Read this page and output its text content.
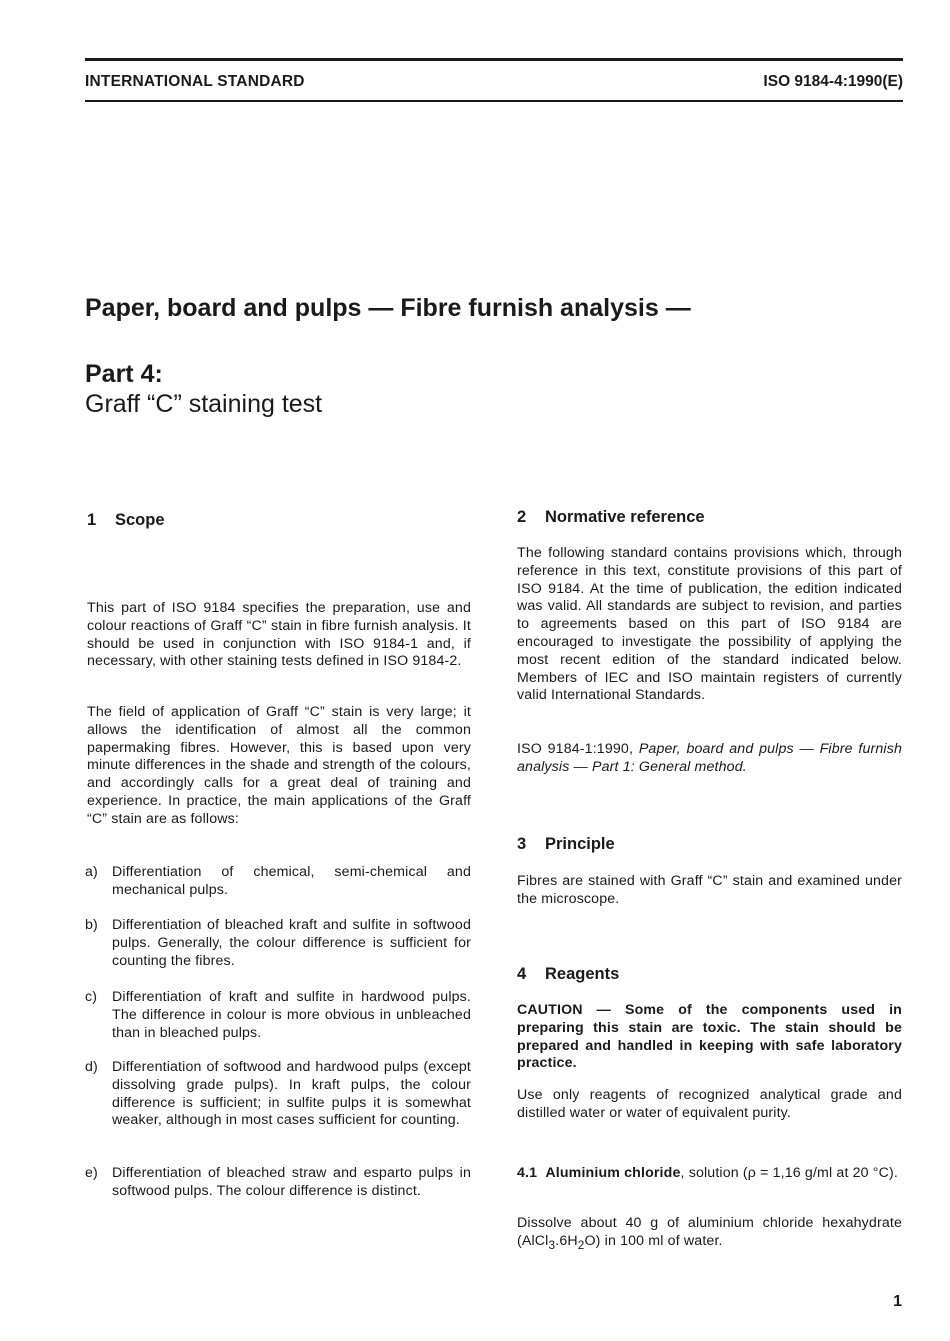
INTERNATIONAL STANDARD	ISO 9184-4:1990(E)
Paper, board and pulps — Fibre furnish analysis —
Part 4:
Graff “C” staining test
1 Scope
This part of ISO 9184 specifies the preparation, use and colour reactions of Graff “C” stain in fibre furnish analysis. It should be used in conjunction with ISO 9184-1 and, if necessary, with other staining tests defined in ISO 9184-2.
The field of application of Graff “C” stain is very large; it allows the identification of almost all the common papermaking fibres. However, this is based upon very minute differences in the shade and strength of the colours, and accordingly calls for a great deal of training and experience. In practice, the main applications of the Graff “C” stain are as follows:
a) Differentiation of chemical, semi-chemical and mechanical pulps.
b) Differentiation of bleached kraft and sulfite in softwood pulps. Generally, the colour difference is sufficient for counting the fibres.
c) Differentiation of kraft and sulfite in hardwood pulps. The difference in colour is more obvious in unbleached than in bleached pulps.
d) Differentiation of softwood and hardwood pulps (except dissolving grade pulps). In kraft pulps, the colour difference is sufficient; in sulfite pulps it is somewhat weaker, although in most cases sufficient for counting.
e) Differentiation of bleached straw and esparto pulps in softwood pulps. The colour difference is distinct.
2 Normative reference
The following standard contains provisions which, through reference in this text, constitute provisions of this part of ISO 9184. At the time of publication, the edition indicated was valid. All standards are subject to revision, and parties to agreements based on this part of ISO 9184 are encouraged to investigate the possibility of applying the most recent edition of the standard indicated below. Members of IEC and ISO maintain registers of currently valid International Standards.
ISO 9184-1:1990, Paper, board and pulps — Fibre furnish analysis — Part 1: General method.
3 Principle
Fibres are stained with Graff “C” stain and examined under the microscope.
4 Reagents
CAUTION — Some of the components used in preparing this stain are toxic. The stain should be prepared and handled in keeping with safe laboratory practice.
Use only reagents of recognized analytical grade and distilled water or water of equivalent purity.
4.1 Aluminium chloride, solution (ρ = 1,16 g/ml at 20 °C).
Dissolve about 40 g of aluminium chloride hexahydrate $(AlCl_3.6H_2O)$ in 100 ml of water.
1
